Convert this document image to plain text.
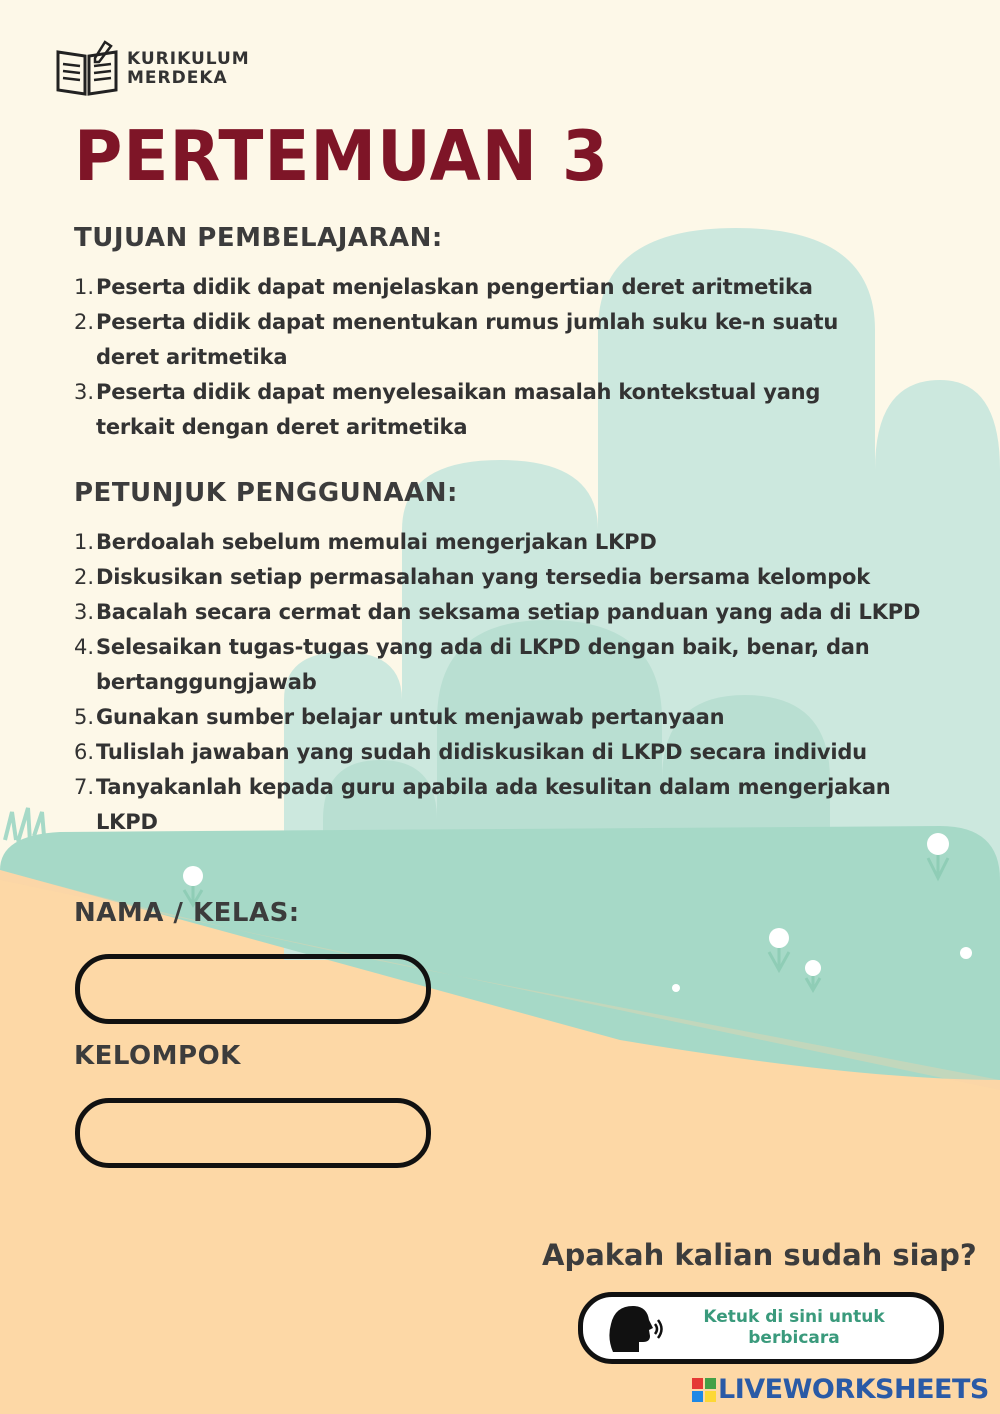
KURIKULUM
MERDEKA
PERTEMUAN 3
TUJUAN PEMBELAJARAN:
1. Peserta didik dapat menjelaskan pengertian deret aritmetika
2. Peserta didik dapat menentukan rumus jumlah suku ke-n suatu deret aritmetika
3. Peserta didik dapat menyelesaikan masalah kontekstual yang terkait dengan deret aritmetika
PETUNJUK PENGGUNAAN:
1. Berdoalah sebelum memulai mengerjakan LKPD
2. Diskusikan setiap permasalahan yang tersedia bersama kelompok
3. Bacalah secara cermat dan seksama setiap panduan yang ada di LKPD
4. Selesaikan tugas-tugas yang ada di LKPD dengan baik, benar, dan bertanggungjawab
5. Gunakan sumber belajar untuk menjawab pertanyaan
6. Tulislah jawaban yang sudah didiskusikan di LKPD secara individu
7. Tanyakanlah kepada guru apabila ada kesulitan dalam mengerjakan LKPD
NAMA / KELAS:
KELOMPOK
Apakah kalian sudah siap?
Ketuk di sini untuk berbicara
LIVEWORKSHEETS
